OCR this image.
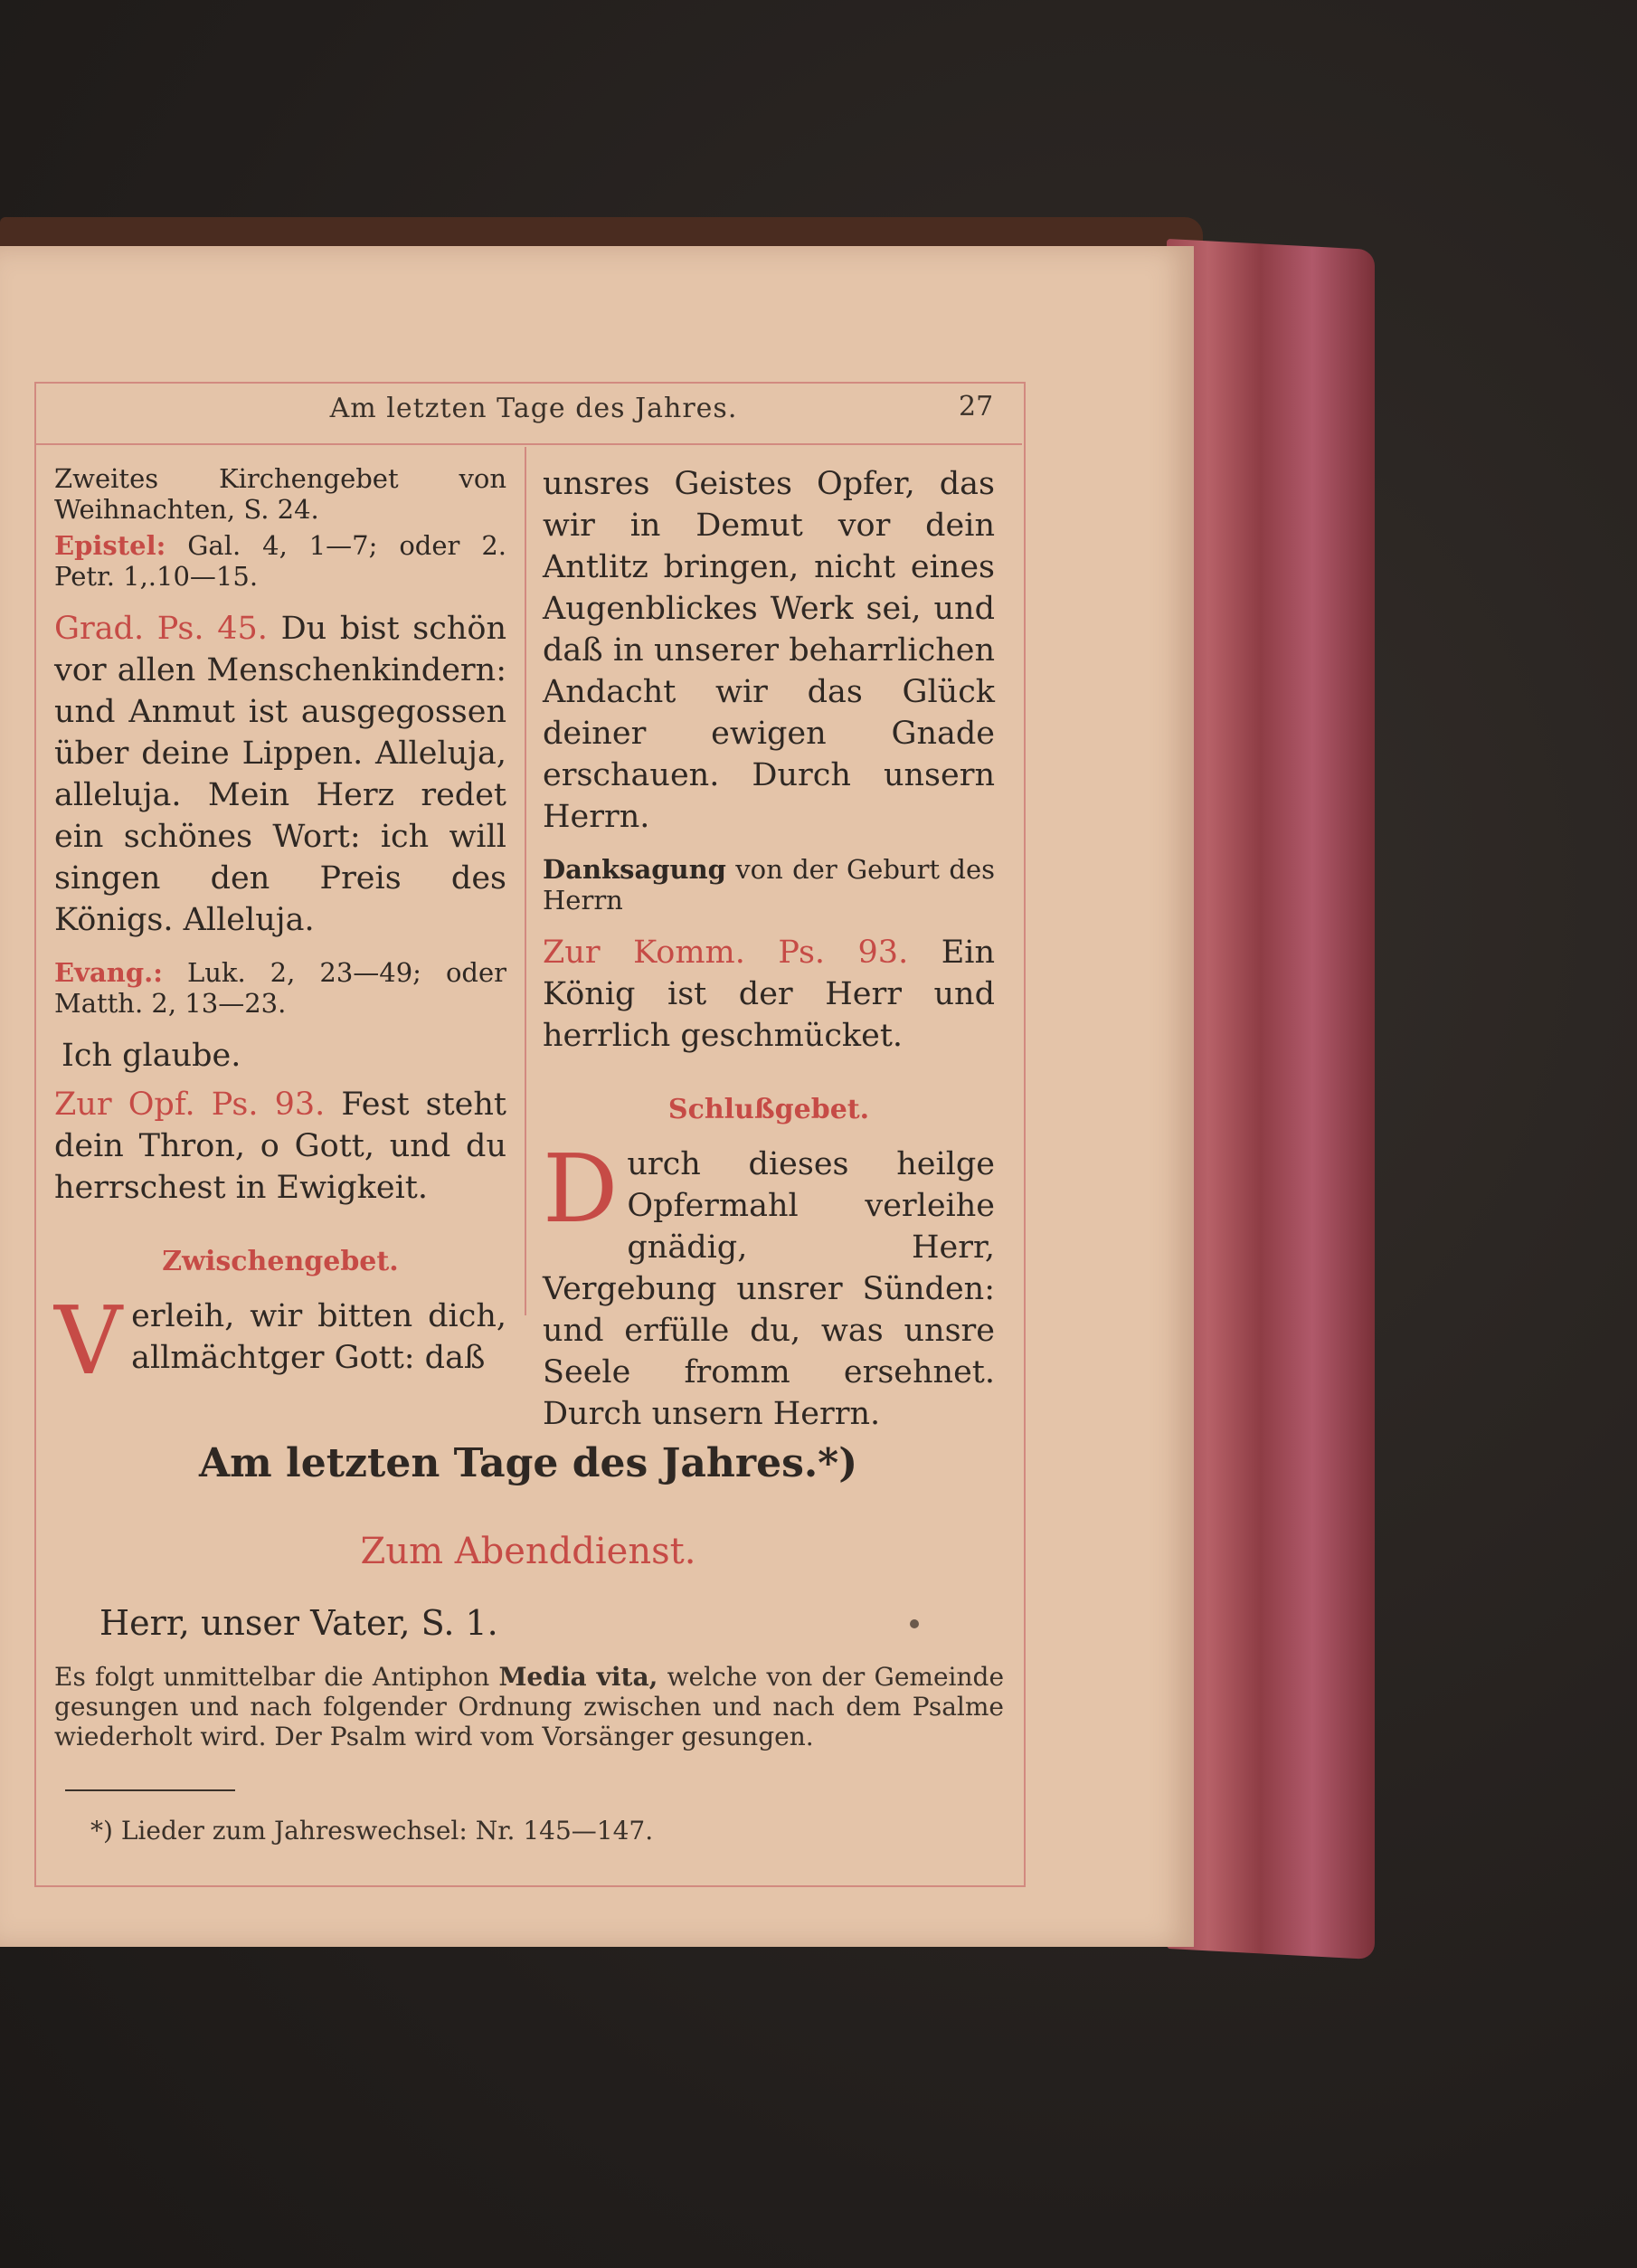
Am letzten Tage des Jahres.	27

Zweites Kirchengebet von Weihnachten, S. 24.

Epistel: Gal. 4, 1—7; oder 2. Petr. 1,.10—15.

Grad. Ps. 45. Du bist schön vor allen Menschenkindern: und Anmut ist ausgegossen über deine Lippen. Alleluja, alleluja. Mein Herz redet ein schönes Wort: ich will singen den Preis des Königs. Alleluja.

Evang.: Luk. 2, 23—49; oder Matth. 2, 13—23.

Ich glaube.

Zur Opf. Ps. 93. Fest steht dein Thron, o Gott, und du herrschest in Ewigkeit.

Zwischengebet.

V erleih, wir bitten dich, allmächtger Gott: daß

unsres Geistes Opfer, das wir in Demut vor dein Antlitz bringen, nicht eines Augenblickes Werk sei, und daß in unserer beharrlichen Andacht wir das Glück deiner ewigen Gnade erschauen. Durch unsern Herrn.

Danksagung von der Geburt des Herrn

Zur Komm. Ps. 93. Ein König ist der Herr und herrlich geschmücket.

Schlußgebet.

D urch dieses heilge Opfermahl verleihe gnädig, Herr, Vergebung unsrer Sünden: und erfülle du, was unsre Seele fromm ersehnet. Durch unsern Herrn.

Am letzten Tage des Jahres.*)
Zum Abenddienst.
Herr, unser Vater, S. 1.
Es folgt unmittelbar die Antiphon Media vita, welche von der Gemeinde gesungen und nach folgender Ordnung zwischen und nach dem Psalme wiederholt wird. Der Psalm wird vom Vorsänger gesungen.
*) Lieder zum Jahreswechsel: Nr. 145—147.
